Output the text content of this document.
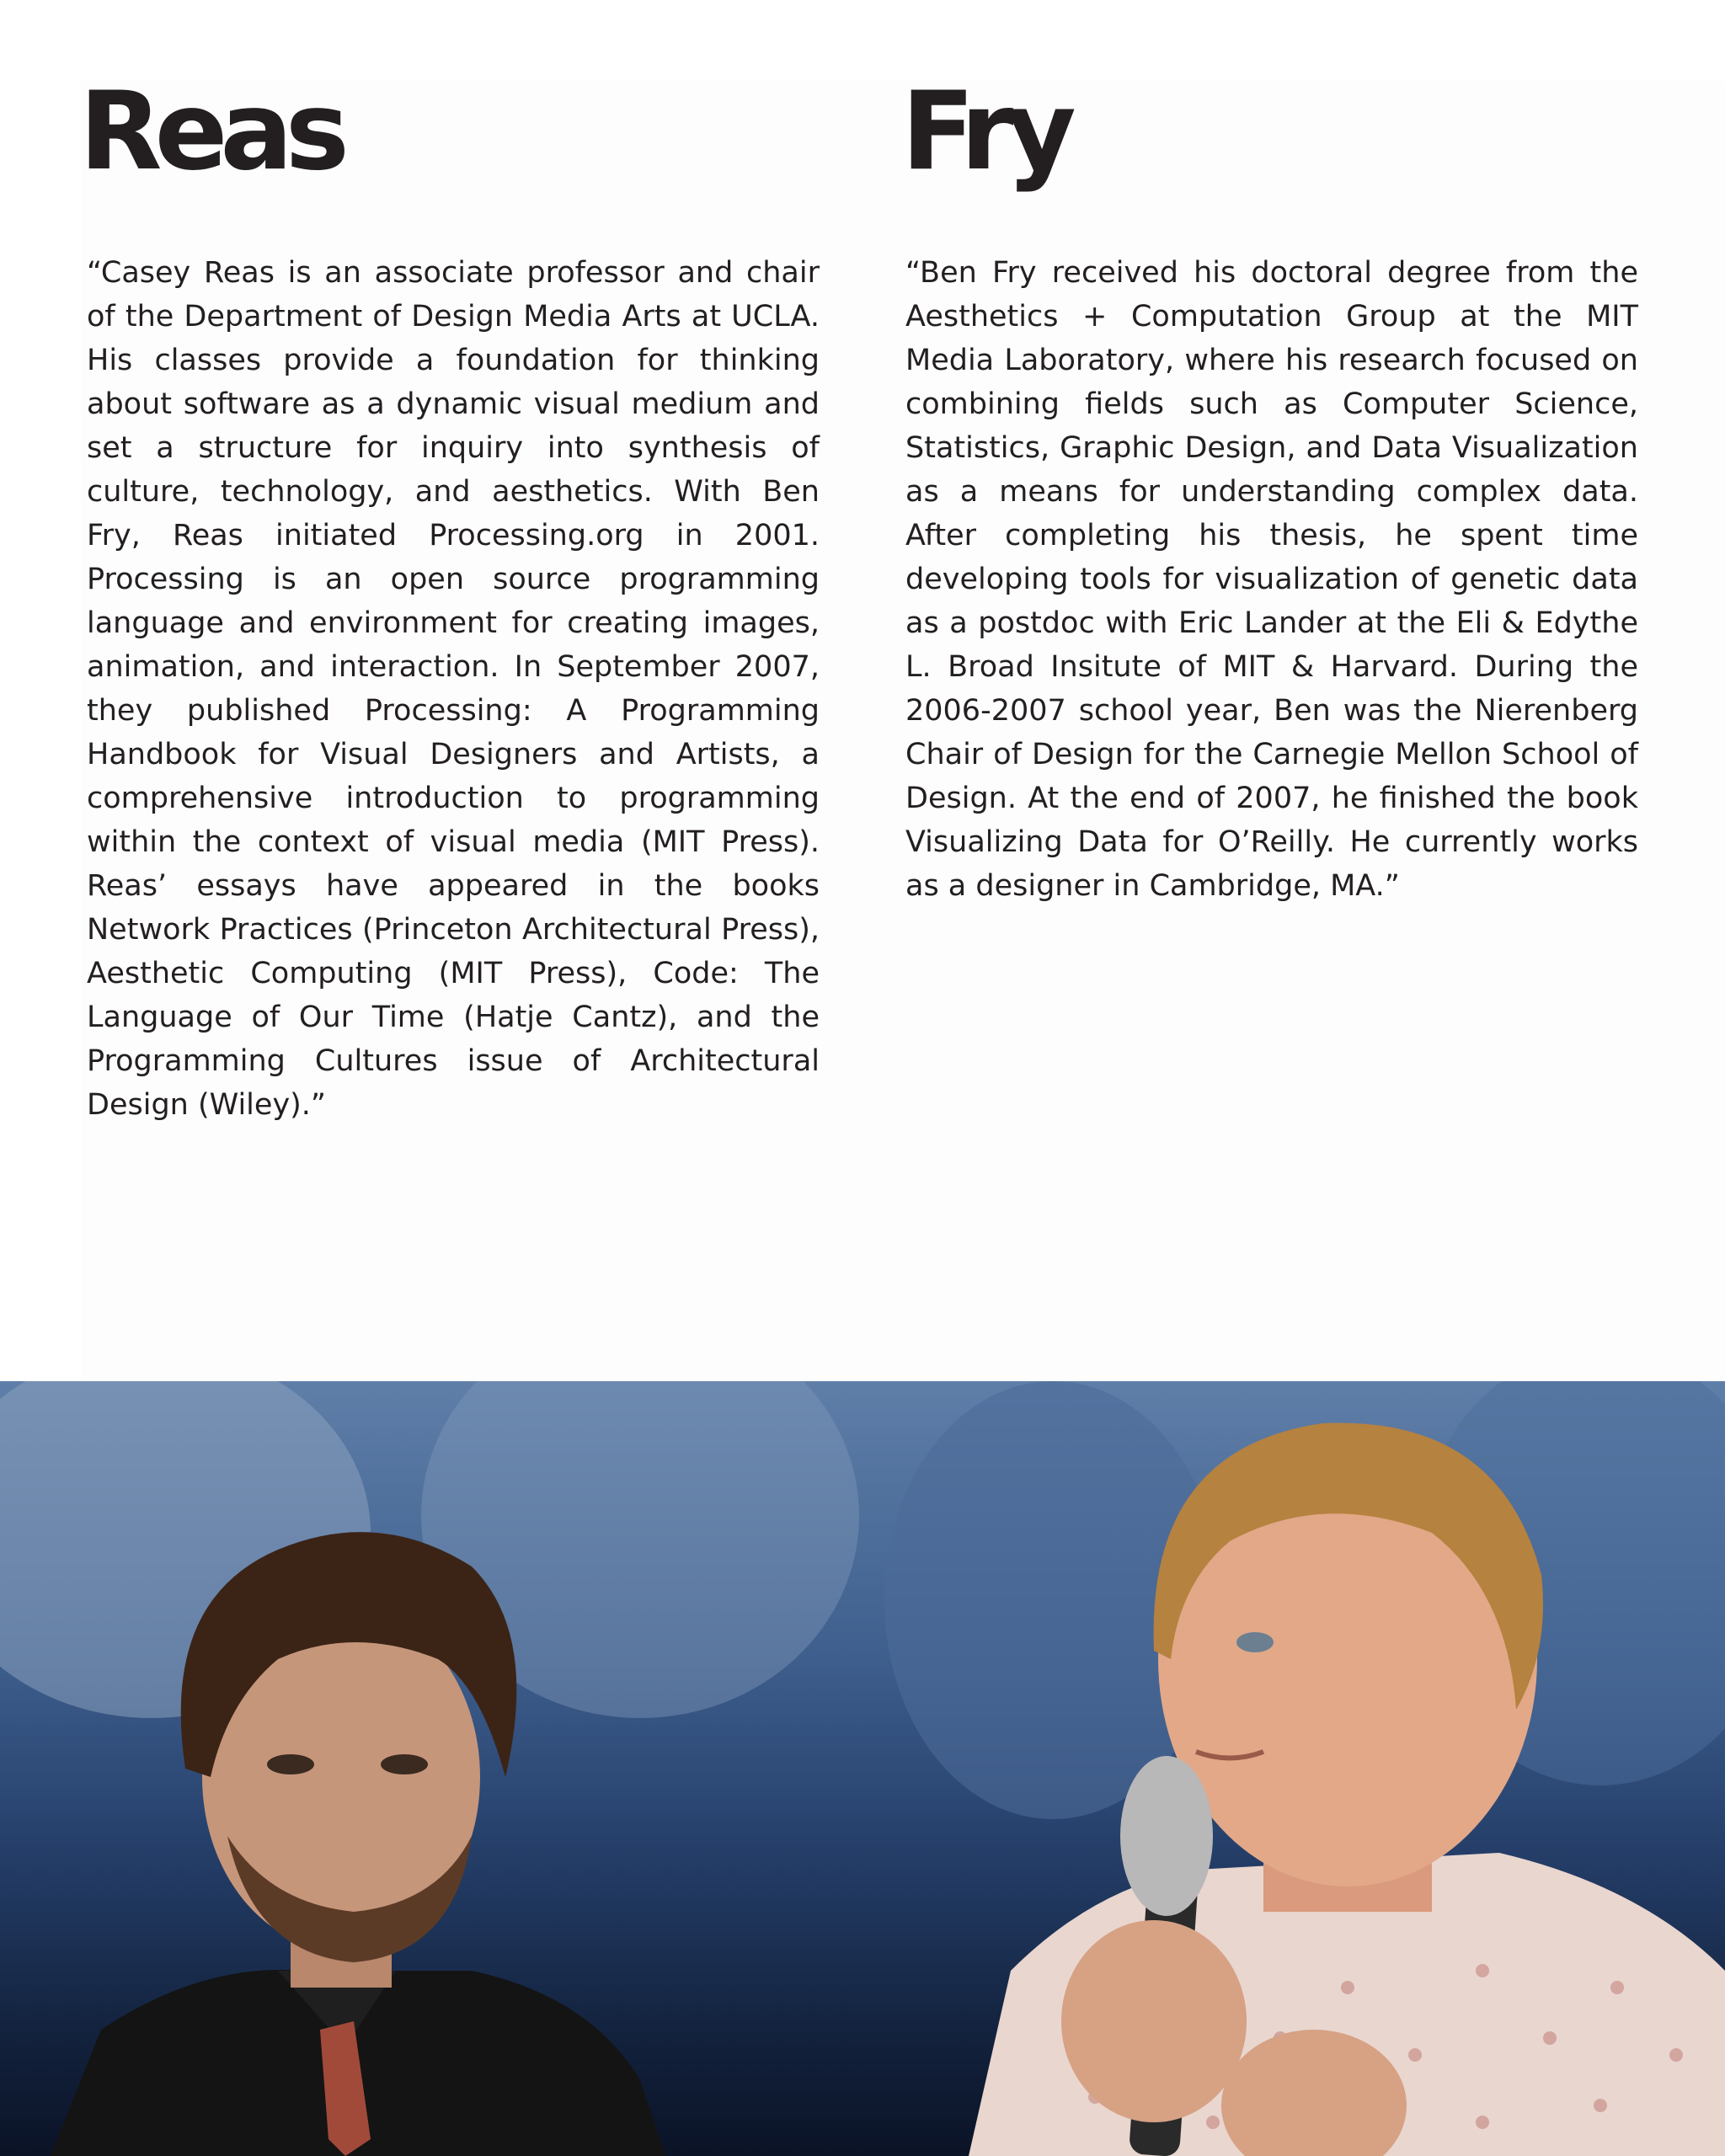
Reas	Fry

“Casey Reas is an associate professor and chair of the Department of Design Media Arts at UCLA. His classes provide a foundation for thinking about software as a dynamic visual medium and set a structure for inquiry into synthesis of culture, technology, and aesthetics. With Ben Fry, Reas initiated Processing.org in 2001. Processing is an open source programming language and environment for creating images, animation, and interaction. In September 2007, they published Processing: A Programming Handbook for Visual Designers and Artists, a comprehensive introduction to programming within the context of visual media (MIT Press). Reas’ essays have appeared in the books Network Practices (Princeton Architectural Press), Aesthetic Computing (MIT Press), Code: The Language of Our Time (Hatje Cantz), and the Programming Cultures issue of Architectural Design (Wiley).”

“Ben Fry received his doctoral degree from the Aesthetics + Computation Group at the MIT Media Laboratory, where his research focused on combining fields such as Computer Science, Statistics, Graphic Design, and Data Visualization as a means for understanding complex data. After completing his thesis, he spent time developing tools for visualization of genetic data as a postdoc with Eric Lander at the Eli & Edythe L. Broad Insitute of MIT & Harvard. During the 2006-2007 school year, Ben was the Nierenberg Chair of Design for the Carnegie Mellon School of Design. At the end of 2007, he finished the book Visualizing Data for O’Reilly. He currently works as a designer in Cambridge, MA.”
